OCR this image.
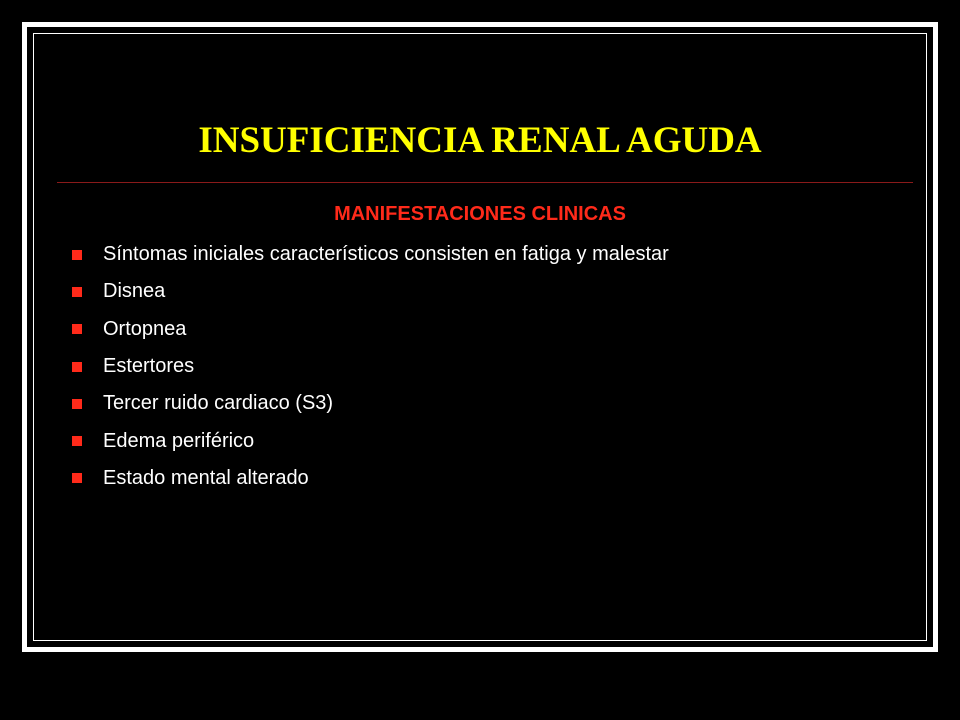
INSUFICIENCIA RENAL AGUDA
MANIFESTACIONES CLINICAS
Síntomas iniciales característicos consisten en fatiga y malestar
Disnea
Ortopnea
Estertores
Tercer ruido cardiaco (S3)
Edema periférico
Estado mental alterado
